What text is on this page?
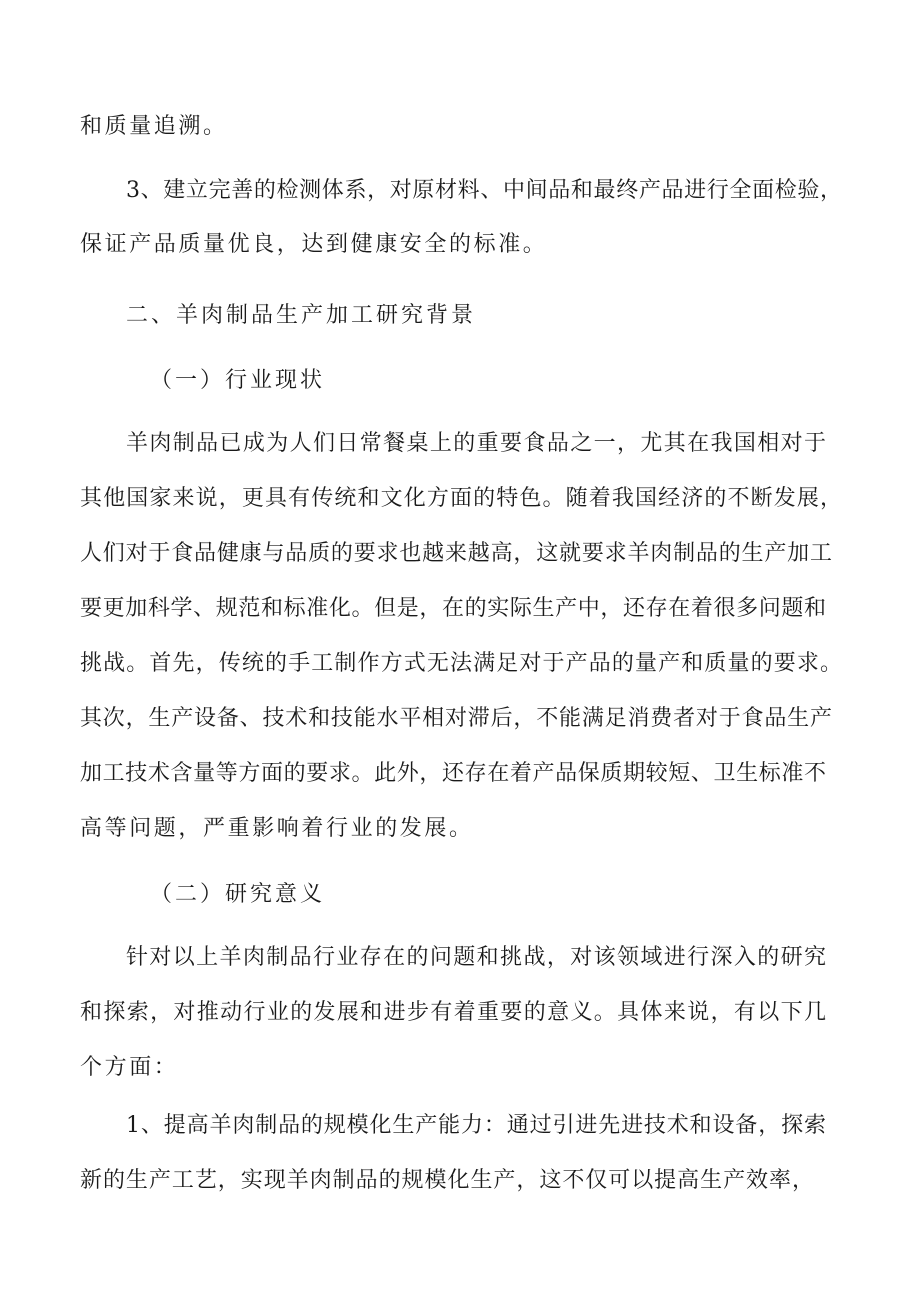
和质量追溯。
3、建立完善的检测体系，对原材料、中间品和最终产品进行全面检验，
保证产品质量优良，达到健康安全的标准。
二、羊肉制品生产加工研究背景
（一）行业现状
羊肉制品已成为人们日常餐桌上的重要食品之一，尤其在我国相对于
其他国家来说，更具有传统和文化方面的特色。随着我国经济的不断发展，
人们对于食品健康与品质的要求也越来越高，这就要求羊肉制品的生产加工
要更加科学、规范和标准化。但是，在的实际生产中，还存在着很多问题和
挑战。首先，传统的手工制作方式无法满足对于产品的量产和质量的要求。
其次，生产设备、技术和技能水平相对滞后，不能满足消费者对于食品生产
加工技术含量等方面的要求。此外，还存在着产品保质期较短、卫生标准不
高等问题，严重影响着行业的发展。
（二）研究意义
针对以上羊肉制品行业存在的问题和挑战，对该领域进行深入的研究
和探索，对推动行业的发展和进步有着重要的意义。具体来说，有以下几
个方面：
1、提高羊肉制品的规模化生产能力：通过引进先进技术和设备，探索
新的生产工艺，实现羊肉制品的规模化生产，这不仅可以提高生产效率，
